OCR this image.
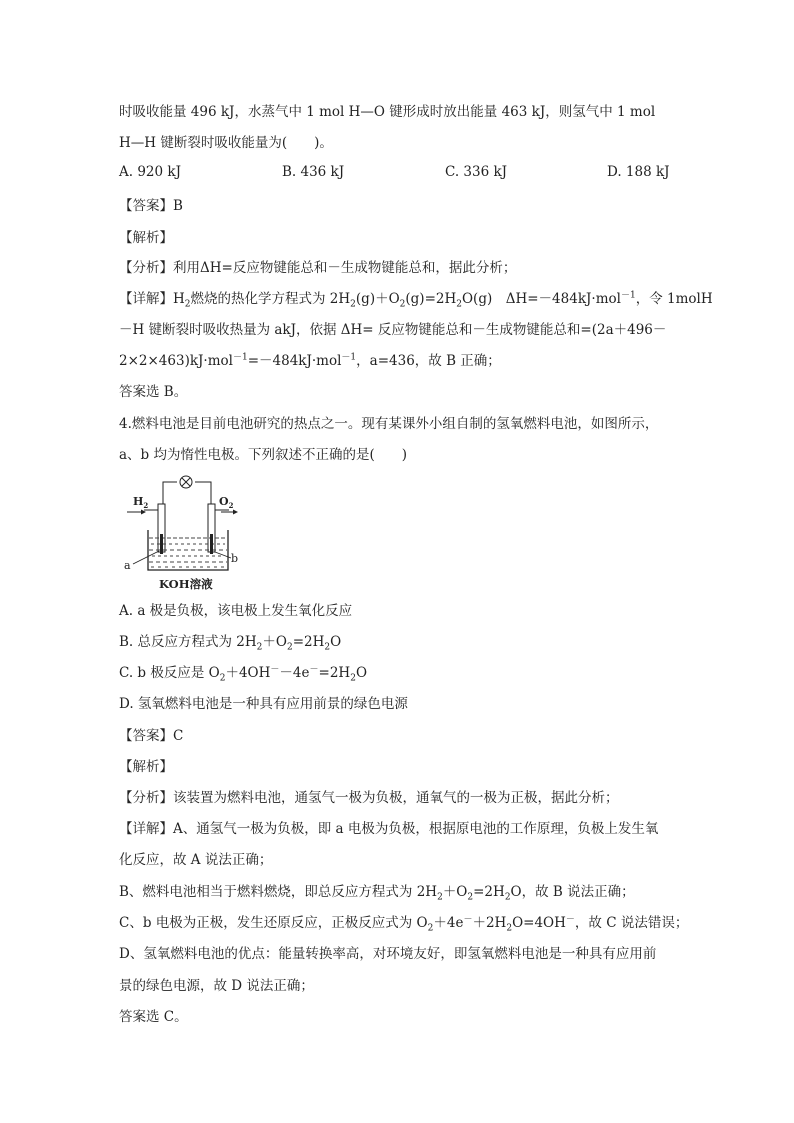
时吸收能量 496 kJ，水蒸气中 1 mol H—O 键形成时放出能量 463 kJ，则氢气中 1 mol
H—H 键断裂时吸收能量为(　　)。
A. 920 kJ	B. 436 kJ	C. 336 kJ	D. 188 kJ
【答案】B
【解析】
【分析】利用ΔH=反应物键能总和－生成物键能总和，据此分析；
【详解】$H_2$燃烧的热化学方程式为 $2H_2(g)+O_2(g)=2H_2O(g)$　ΔH=－484kJ·mol$^{-1}$，令 1molH
－H 键断裂时吸收热量为 akJ，依据 ΔH= 反应物键能总和－生成物键能总和=(2a＋496－
2×2×463)kJ·mol$^{-1}$=－484kJ·mol$^{-1}$，a=436，故 B 正确；
答案选 B。
4.燃料电池是目前电池研究的热点之一。现有某课外小组自制的氢氧燃料电池，如图所示，
a、b 均为惰性电极。下列叙述不正确的是(　　)
$H_2$	$O_2$
a
b
KOH溶液
A. a 极是负极，该电极上发生氧化反应
B. 总反应方程式为 $2H_2+O_2=2H_2O$
C. b 极反应是 $O_2+4OH^--4e^-=2H_2O$
D. 氢氧燃料电池是一种具有应用前景的绿色电源
【答案】C
【解析】
【分析】该装置为燃料电池，通氢气一极为负极，通氧气的一极为正极，据此分析；
【详解】A、通氢气一极为负极，即 a 电极为负极，根据原电池的工作原理，负极上发生氧
化反应，故 A 说法正确；
B、燃料电池相当于燃料燃烧，即总反应方程式为 $2H_2+O_2=2H_2O$，故 B 说法正确；
C、b 电极为正极，发生还原反应，正极反应式为 $O_2+4e^-+2H_2O=4OH^-$，故 C 说法错误；
D、氢氧燃料电池的优点：能量转换率高，对环境友好，即氢氧燃料电池是一种具有应用前
景的绿色电源，故 D 说法正确；
答案选 C。
